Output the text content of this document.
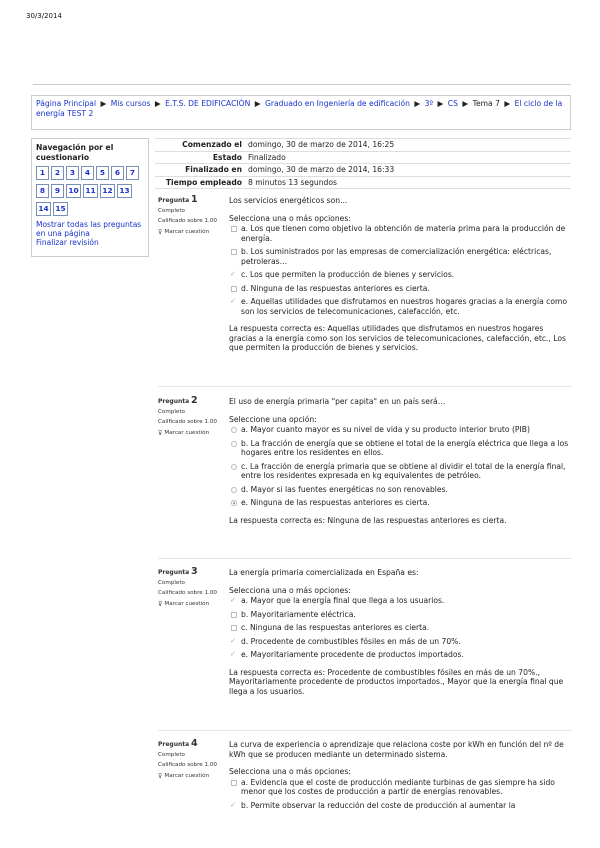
30/3/2014
Página Principal ▶ Mis cursos ▶ E.T.S. DE EDIFICACIÓN ▶ Graduado en Ingeniería de edificación ▶ 3º ▶ CS ▶ Tema 7 ▶ El ciclo de la energía TEST 2
Navegación por el cuestionario
1	2	3	4	5	6	7
8	9	10 11 12 13
14 15
Mostrar todas las preguntas en una página
Finalizar revisión
Comenzado el	domingo, 30 de marzo de 2014, 16:25
Estado	Finalizado
Finalizado en	domingo, 30 de marzo de 2014, 16:33
Tiempo empleado	8 minutos 13 segundos
Pregunta 1
Completo
Calificado sobre 1.00
⊽ Marcar cuestión
Los servicios energéticos son...
Selecciona una o más opciones:
a. Los que tienen como objetivo la obtención de materia prima para la producción de energía.
b. Los suministrados por las empresas de comercialización energética: eléctricas, petroleras…
✓ c. Los que permiten la producción de bienes y servicios.
d. Ninguna de las respuestas anteriores es cierta.
✓ e. Aquellas utilidades que disfrutamos en nuestros hogares gracias a la energía como son los servicios de telecomunicaciones, calefacción, etc.
La respuesta correcta es: Aquellas utilidades que disfrutamos en nuestros hogares gracias a la energía como son los servicios de telecomunicaciones, calefacción, etc., Los que permiten la producción de bienes y servicios.
Pregunta 2
Completo
Calificado sobre 1.00
⊽ Marcar cuestión
El uso de energía primaria "per capita" en un país será…
Seleccione una opción:
a. Mayor cuanto mayor es su nivel de vida y su producto interior bruto (PIB)
b. La fracción de energía que se obtiene el total de la energía eléctrica que llega a los hogares entre los residentes en ellos.
c. La fracción de energía primaria que se obtiene al dividir el total de la energía final, entre los residentes expresada en kg equivalentes de petróleo.
d. Mayor si las fuentes energéticas no son renovables.
e. Ninguna de las respuestas anteriores es cierta.
La respuesta correcta es: Ninguna de las respuestas anteriores es cierta.
Pregunta 3
Completo
Calificado sobre 1.00
⊽ Marcar cuestión
La energía primaria comercializada en España es:
Selecciona una o más opciones:
✓ a. Mayor que la energía final que llega a los usuarios.
b. Mayoritariamente eléctrica.
c. Ninguna de las respuestas anteriores es cierta.
✓ d. Procedente de combustibles fósiles en más de un 70%.
✓ e. Mayoritariamente procedente de productos importados.
La respuesta correcta es: Procedente de combustibles fósiles en más de un 70%., Mayoritariamente procedente de productos importados., Mayor que la energía final que llega a los usuarios.
Pregunta 4
Completo
Calificado sobre 1.00
⊽ Marcar cuestión
La curva de experiencia o aprendizaje que relaciona coste por kWh en función del nº de kWh que se producen mediante un determinado sistema.
Selecciona una o más opciones:
a. Evidencia que el coste de producción mediante turbinas de gas siempre ha sido menor que los costes de producción a partir de energías renovables.
✓ b. Permite observar la reducción del coste de producción al aumentar la
